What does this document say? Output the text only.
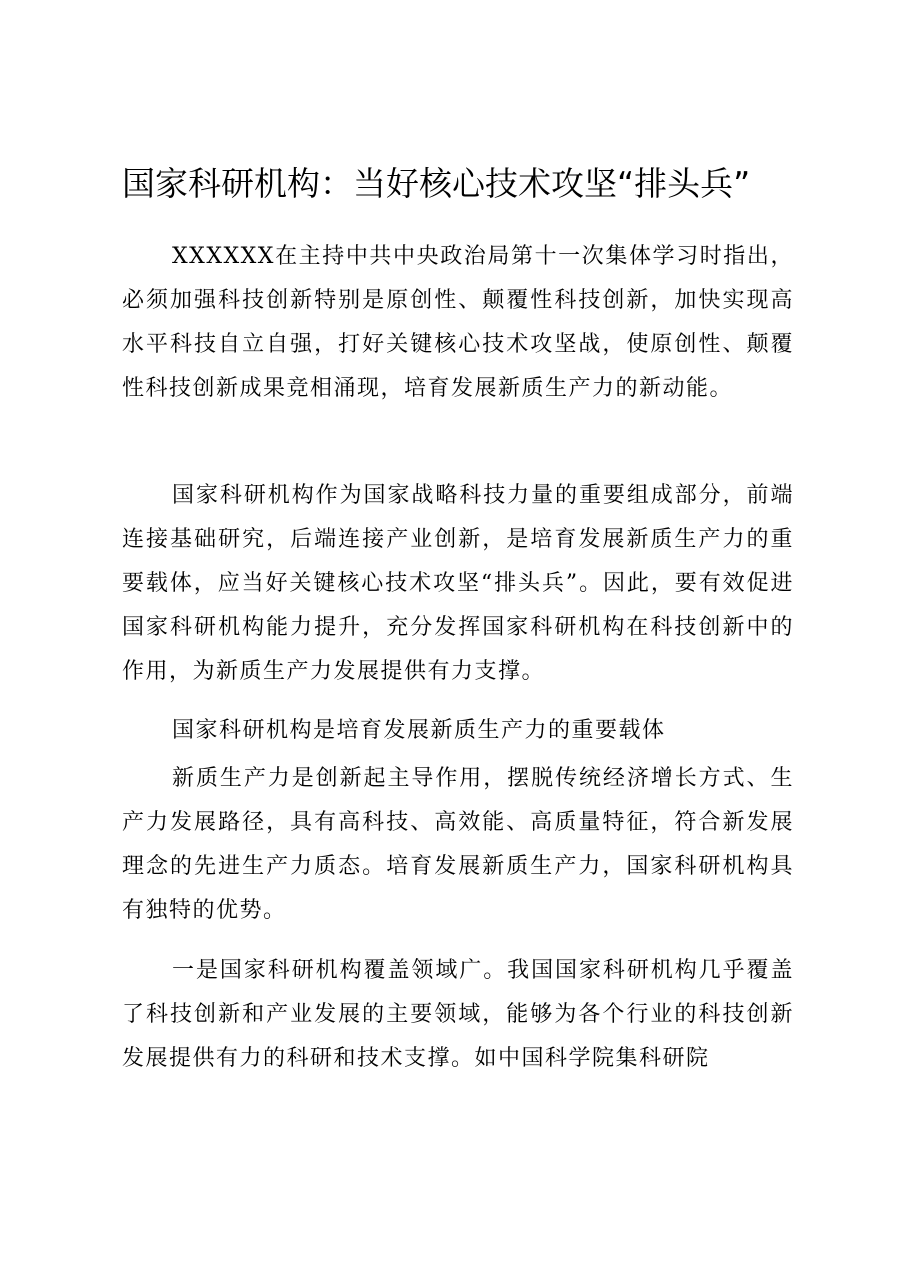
国家科研机构：当好核心技术攻坚“排头兵”

XXXXXX在主持中共中央政治局第十一次集体学习时指出，必须加强科技创新特别是原创性、颠覆性科技创新，加快实现高水平科技自立自强，打好关键核心技术攻坚战，使原创性、颠覆性科技创新成果竞相涌现，培育发展新质生产力的新动能。

国家科研机构作为国家战略科技力量的重要组成部分，前端连接基础研究，后端连接产业创新，是培育发展新质生产力的重要载体，应当好关键核心技术攻坚“排头兵”。因此，要有效促进国家科研机构能力提升，充分发挥国家科研机构在科技创新中的作用，为新质生产力发展提供有力支撑。

国家科研机构是培育发展新质生产力的重要载体

新质生产力是创新起主导作用，摆脱传统经济增长方式、生产力发展路径，具有高科技、高效能、高质量特征，符合新发展理念的先进生产力质态。培育发展新质生产力，国家科研机构具有独特的优势。

一是国家科研机构覆盖领域广。我国国家科研机构几乎覆盖了科技创新和产业发展的主要领域，能够为各个行业的科技创新发展提供有力的科研和技术支撑。如中国科学院集科研院
